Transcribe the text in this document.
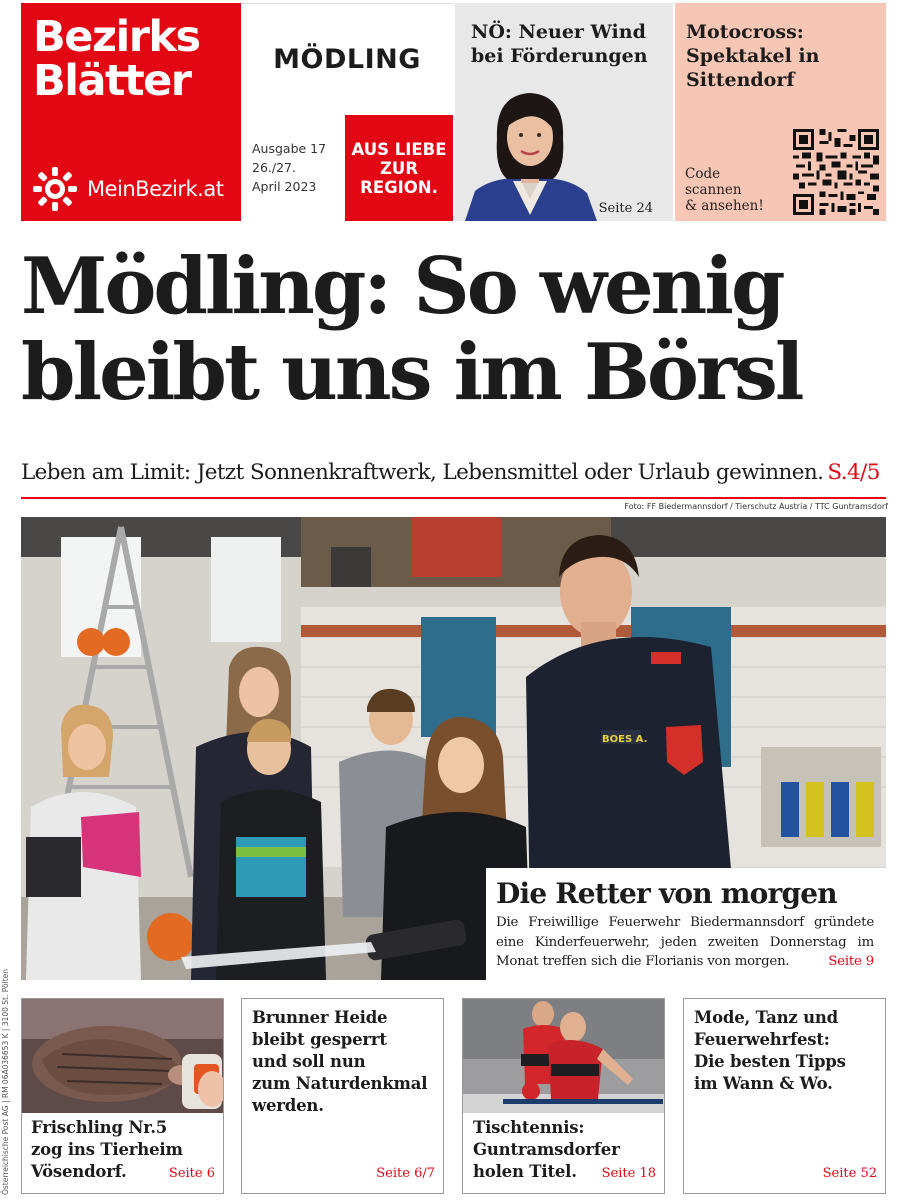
Bezirks
Blätter
MeinBezirk.at
MÖDLING
Ausgabe 17
26./27.
April 2023
AUS LIEBE
ZUR
REGION.
NÖ: Neuer Wind bei Förderungen
Seite 24
Motocross:
Spektakel in
Sittendorf
Code
scannen
& ansehen!
Mödling: So wenig
bleibt uns im Börsl
Leben am Limit: Jetzt Sonnenkraftwerk, Lebensmittel oder Urlaub gewinnen. S.4/5
Foto: FF Biedermannsdorf / Tierschutz Austria / TTC Guntramsdorf
BOES A.
Die Retter von morgen
Die Freiwillige Feuerwehr Biedermannsdorf gründete eine Kinderfeuerwehr, jeden zweiten Donnerstag im Monat treffen sich die Florianis von morgen.	Seite 9
Österreichische Post AG | RM 06A036653 K | 3100 St. Pölten Frischling Nr.5
zog ins Tierheim
Vösendorf.	Seite 6
Brunner Heide
bleibt gesperrt
und soll nun
zum Naturdenkmal
werden.
Seite 6/7
Tischtennis:
Guntramsdorfer
holen Titel.	Seite 18
Mode, Tanz und
Feuerwehrfest:
Die besten Tipps
im Wann & Wo.
Seite 52
